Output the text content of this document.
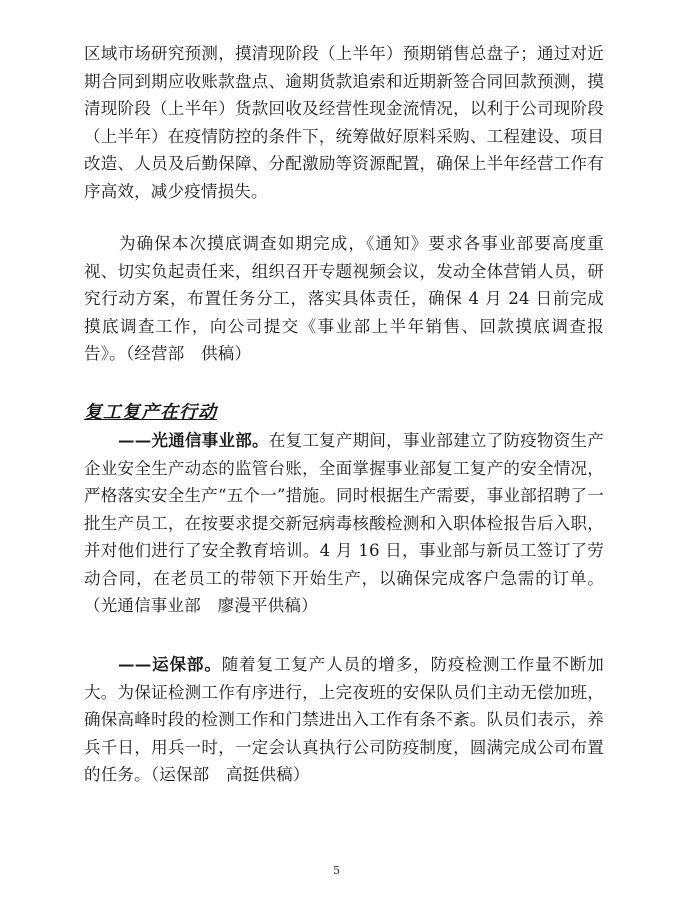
区域市场研究预测，摸清现阶段（上半年）预期销售总盘子；通过对近期合同到期应收账款盘点、逾期货款追索和近期新签合同回款预测，摸清现阶段（上半年）货款回收及经营性现金流情况，以利于公司现阶段（上半年）在疫情防控的条件下，统筹做好原料采购、工程建设、项目改造、人员及后勤保障、分配激励等资源配置，确保上半年经营工作有序高效，减少疫情损失。

为确保本次摸底调查如期完成，《通知》要求各事业部要高度重视、切实负起责任来，组织召开专题视频会议，发动全体营销人员，研究行动方案，布置任务分工，落实具体责任，确保 4 月 24 日前完成摸底调查工作，向公司提交《事业部上半年销售、回款摸底调查报告》。（经营部　供稿）

复工复产在行动

——光通信事业部。在复工复产期间，事业部建立了防疫物资生产企业安全生产动态的监管台账，全面掌握事业部复工复产的安全情况，严格落实安全生产“五个一”措施。同时根据生产需要，事业部招聘了一批生产员工，在按要求提交新冠病毒核酸检测和入职体检报告后入职，并对他们进行了安全教育培训。4 月 16 日，事业部与新员工签订了劳动合同，在老员工的带领下开始生产，以确保完成客户急需的订单。（光通信事业部　廖漫平供稿）

——运保部。随着复工复产人员的增多，防疫检测工作量不断加大。为保证检测工作有序进行，上完夜班的安保队员们主动无偿加班，确保高峰时段的检测工作和门禁进出入工作有条不紊。队员们表示，养兵千日，用兵一时，一定会认真执行公司防疫制度，圆满完成公司布置的任务。（运保部　高挺供稿）

5
